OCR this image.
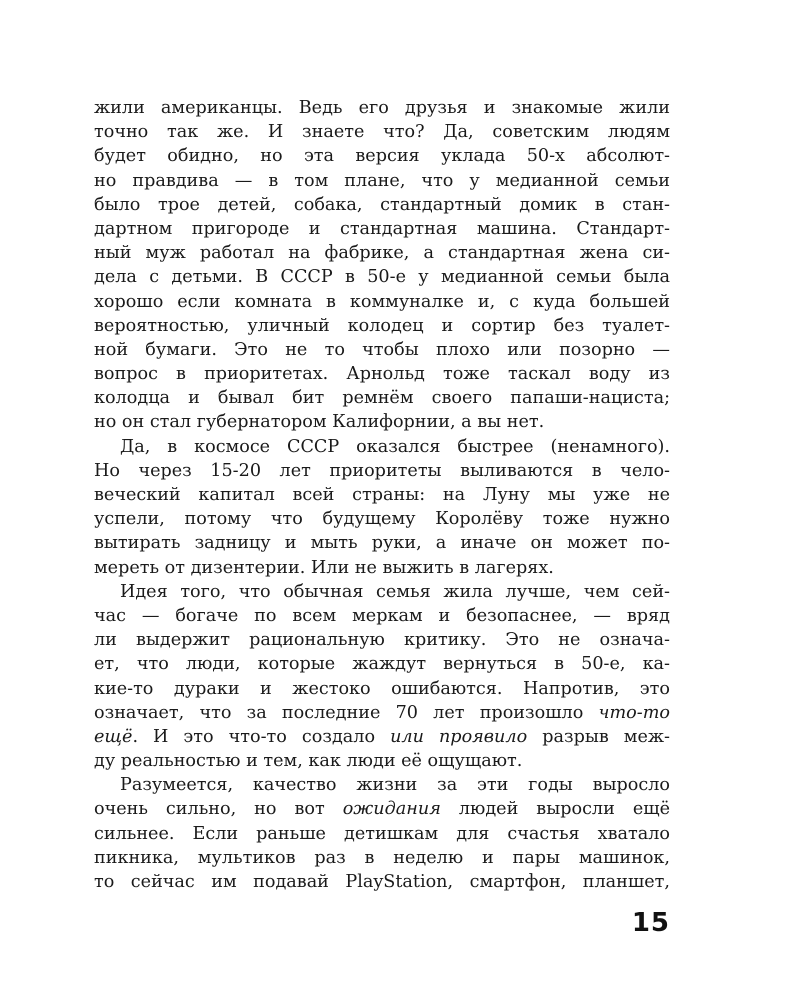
жили американцы. Ведь его друзья и знакомые жили
точно так же. И знаете что? Да, советским людям
будет обидно, но эта версия уклада 50-х абсолют-
но правдива — в том плане, что у медианной семьи
было трое детей, собака, стандартный домик в стан-
дартном пригороде и стандартная машина. Стандарт-
ный муж работал на фабрике, а стандартная жена си-
дела с детьми. В СССР в 50-е у медианной семьи была
хорошо если комната в коммуналке и, с куда большей
вероятностью, уличный колодец и сортир без туалет-
ной бумаги. Это не то чтобы плохо или позорно —
вопрос в приоритетах. Арнольд тоже таскал воду из
колодца и бывал бит ремнём своего папаши-нациста;
но он стал губернатором Калифорнии, а вы нет.
Да, в космосе СССР оказался быстрее (ненамного).
Но через 15-20 лет приоритеты выливаются в чело-
веческий капитал всей страны: на Луну мы уже не
успели, потому что будущему Королёву тоже нужно
вытирать задницу и мыть руки, а иначе он может по-
мереть от дизентерии. Или не выжить в лагерях.
Идея того, что обычная семья жила лучше, чем сей-
час — богаче по всем меркам и безопаснее, — вряд
ли выдержит рациональную критику. Это не означа-
ет, что люди, которые жаждут вернуться в 50-е, ка-
кие-то дураки и жестоко ошибаются. Напротив, это
означает, что за последние 70 лет произошло что-то
ещё. И это что-то создало или проявило разрыв меж-
ду реальностью и тем, как люди её ощущают.
Разумеется, качество жизни за эти годы выросло
очень сильно, но вот ожидания людей выросли ещё
сильнее. Если раньше детишкам для счастья хватало
пикника, мультиков раз в неделю и пары машинок,
то сейчас им подавай PlayStation, смартфон, планшет,
15
